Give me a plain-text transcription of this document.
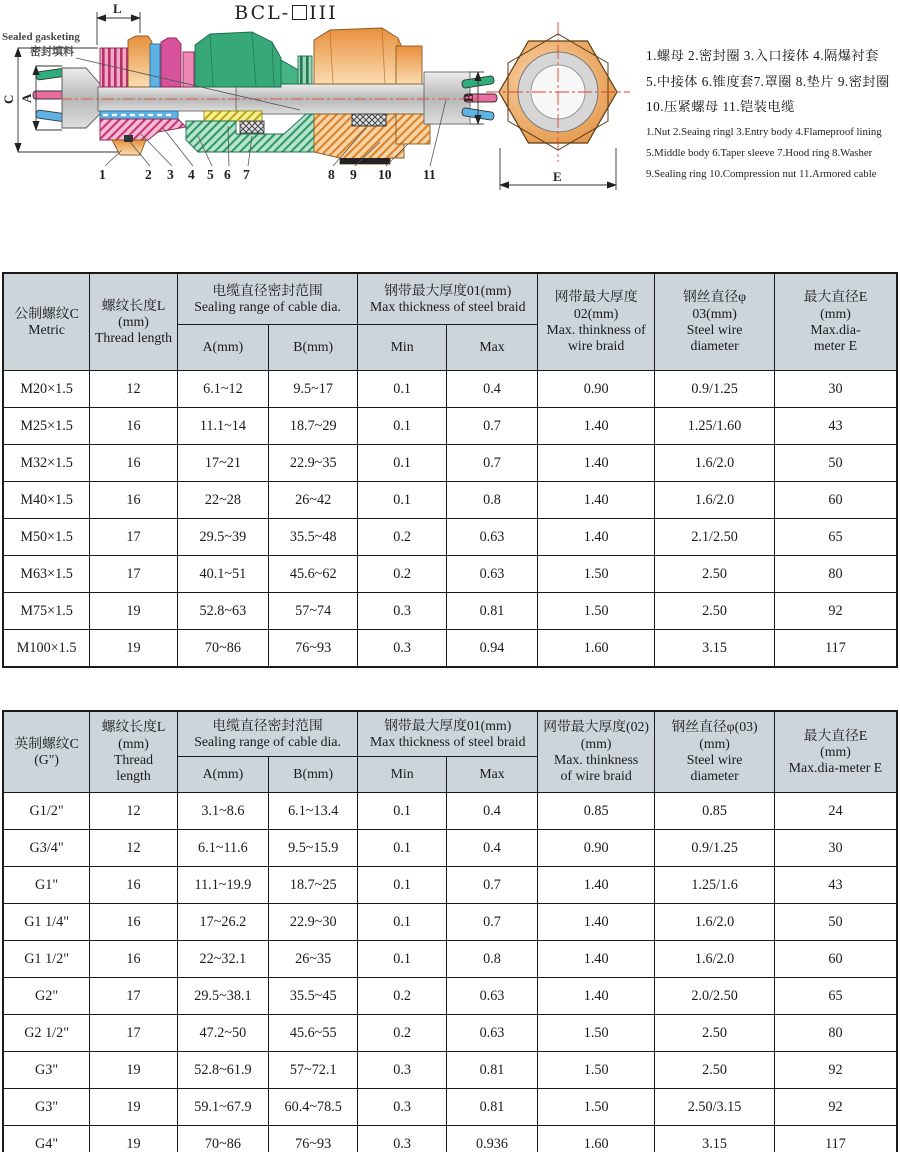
BCL- III
L
C A	B
Sealed gasketing
密封填料
1	2 3 4 5 6 7	8 9 10 11	E
1.螺母 2.密封圈 3.入口接体 4.隔爆衬套
5.中接体 6.锥度套7.罩圈 8.垫片 9.密封圈
10.压紧螺母 11.铠装电缆
1.Nut 2.Seaing ringl 3.Entry body 4.Flameproof lining
5.Middle body 6.Taper sleeve 7.Hood ring 8.Washer
9.Sealing ring 10.Compression nut 11.Armored cable
公制螺纹C
Metric

螺纹长度L
(mm)
Thread length

电缆直径密封范围
Sealing range of cable dia.

钢带最大厚度01(mm)
Max thickness of steel braid

网带最大厚度
02(mm)
Max. thinkness of
wire braid

钢丝直径φ
03(mm)
Steel wire
diameter

最大直径E
(mm)
Max.dia-
meter E

		A(mm)	B(mm)	Min	Max			
M20×1.5	12	6.1~12	9.5~17	0.1	0.4	0.90	0.9/1.25	30
M25×1.5	16	11.1~14	18.7~29	0.1	0.7	1.40	1.25/1.60	43
M32×1.5	16	17~21	22.9~35	0.1	0.7	1.40	1.6/2.0	50
M40×1.5	16	22~28	26~42	0.1	0.8	1.40	1.6/2.0	60
M50×1.5	17	29.5~39	35.5~48	0.2	0.63	1.40	2.1/2.50	65
M63×1.5	17	40.1~51	45.6~62	0.2	0.63	1.50	2.50	80
M75×1.5	19	52.8~63	57~74	0.3	0.81	1.50	2.50	92
M100×1.5	19	70~86	76~93	0.3	0.94	1.60	3.15	117
英制螺纹C
(G")

螺纹长度L
(mm)
Thread
length

电缆直径密封范围
Sealing range of cable dia.

钢带最大厚度01(mm)
Max thickness of steel braid

网带最大厚度(02)
(mm)
Max. thinkness
of wire braid

钢丝直径φ(03)
(mm)
Steel wire
diameter

最大直径E
(mm)
Max.dia-meter E

		A(mm)	B(mm)	Min	Max			
G1/2"	12	3.1~8.6	6.1~13.4	0.1	0.4	0.85	0.85	24
G3/4"	12	6.1~11.6	9.5~15.9	0.1	0.4	0.90	0.9/1.25	30
G1"	16	11.1~19.9	18.7~25	0.1	0.7	1.40	1.25/1.6	43
G1 1/4"	16	17~26.2	22.9~30	0.1	0.7	1.40	1.6/2.0	50
G1 1/2"	16	22~32.1	26~35	0.1	0.8	1.40	1.6/2.0	60
G2"	17	29.5~38.1	35.5~45	0.2	0.63	1.40	2.0/2.50	65
G2 1/2"	17	47.2~50	45.6~55	0.2	0.63	1.50	2.50	80
G3"	19	52.8~61.9	57~72.1	0.3	0.81	1.50	2.50	92
G3"	19	59.1~67.9	60.4~78.5	0.3	0.81	1.50	2.50/3.15	92
G4"	19	70~86	76~93	0.3	0.936	1.60	3.15	117
